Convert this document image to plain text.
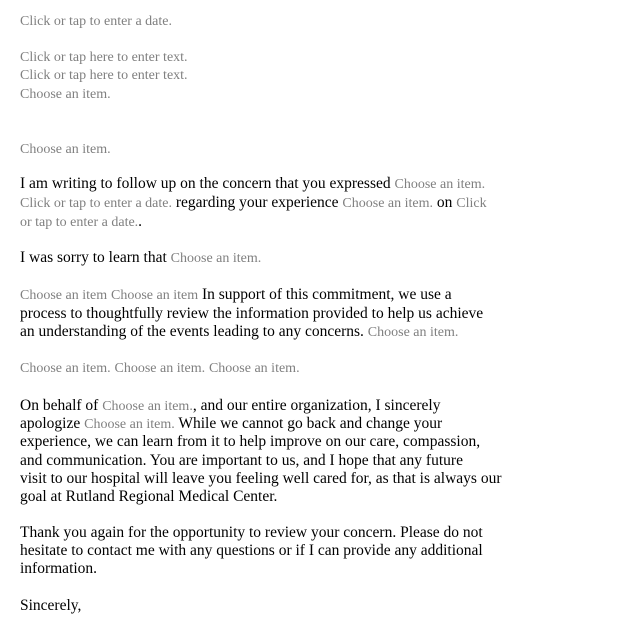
Click or tap to enter a date.
Click or tap here to enter text.
Click or tap here to enter text.
Choose an item.
Choose an item.
I am writing to follow up on the concern that you expressed Choose an item.
Click or tap to enter a date. regarding your experience Choose an item. on Click
or tap to enter a date..
I was sorry to learn that Choose an item.
Choose an item Choose an item In support of this commitment, we use a
process to thoughtfully review the information provided to help us achieve
an understanding of the events leading to any concerns. Choose an item.
Choose an item. Choose an item. Choose an item.
On behalf of Choose an item., and our entire organization, I sincerely
apologize Choose an item. While we cannot go back and change your
experience, we can learn from it to help improve on our care, compassion,
and communication. You are important to us, and I hope that any future
visit to our hospital will leave you feeling well cared for, as that is always our
goal at Rutland Regional Medical Center.
Thank you again for the opportunity to review your concern. Please do not
hesitate to contact me with any questions or if I can provide any additional
information.
Sincerely,
